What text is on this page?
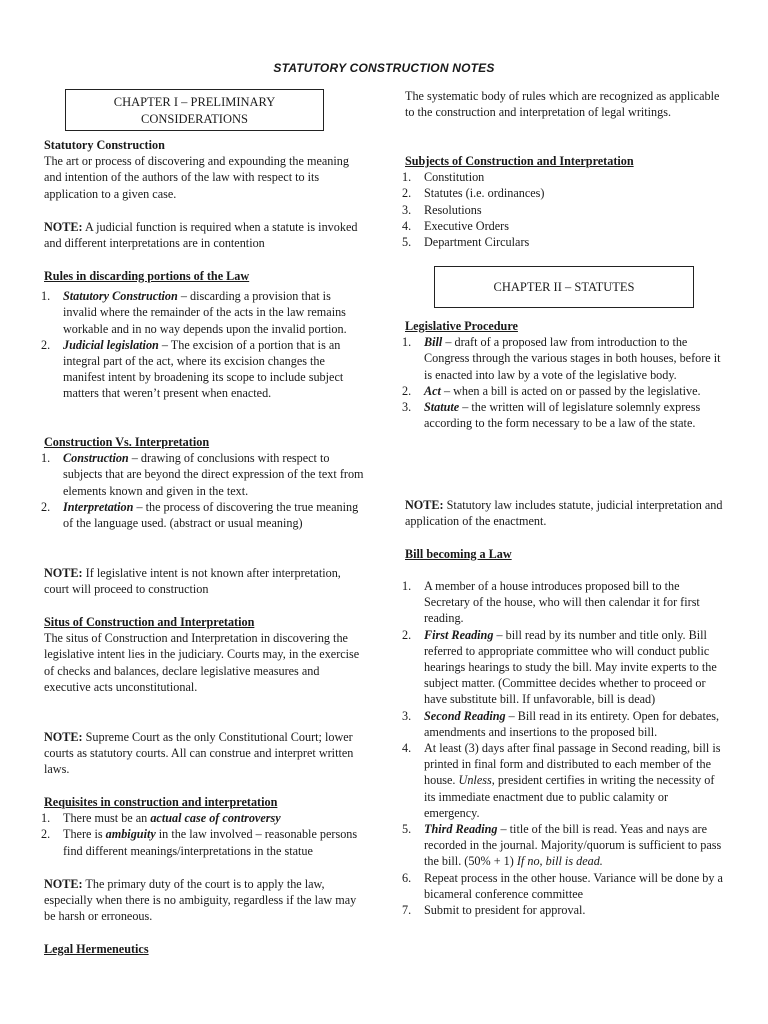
STATUTORY CONSTRUCTION NOTES
CHAPTER I – PRELIMINARY
CONSIDERATIONS
Statutory Construction
The art or process of discovering and expounding the meaning and intention of the authors of the law with respect to its application to a given case.
NOTE: A judicial function is required when a statute is invoked and different interpretations are in contention
Rules in discarding portions of the Law
1. Statutory Construction – discarding a provision that is invalid where the remainder of the acts in the law remains workable and in no way depends upon the invalid portion.
2. Judicial legislation – The excision of a portion that is an integral part of the act, where its excision changes the manifest intent by broadening its scope to include subject matters that weren’t present when enacted.
Construction Vs. Interpretation
1. Construction – drawing of conclusions with respect to subjects that are beyond the direct expression of the text from elements known and given in the text.
2. Interpretation – the process of discovering the true meaning of the language used. (abstract or usual meaning)
NOTE: If legislative intent is not known after interpretation, court will proceed to construction
Situs of Construction and Interpretation
The situs of Construction and Interpretation in discovering the legislative intent lies in the judiciary. Courts may, in the exercise of checks and balances, declare legislative measures and executive acts unconstitutional.
NOTE: Supreme Court as the only Constitutional Court; lower courts as statutory courts. All can construe and interpret written laws.
Requisites in construction and interpretation
1. There must be an actual case of controversy
2. There is ambiguity in the law involved – reasonable persons find different meanings/interpretations in the statue
NOTE: The primary duty of the court is to apply the law, especially when there is no ambiguity, regardless if the law may be harsh or erroneous.
Legal Hermeneutics
The systematic body of rules which are recognized as applicable to the construction and interpretation of legal writings.
Subjects of Construction and Interpretation
1. Constitution
2. Statutes (i.e. ordinances)
3. Resolutions
4. Executive Orders
5. Department Circulars
CHAPTER II – STATUTES
Legislative Procedure
1. Bill – draft of a proposed law from introduction to the Congress through the various stages in both houses, before it is enacted into law by a vote of the legislative body.
2. Act – when a bill is acted on or passed by the legislative.
3. Statute – the written will of legislature solemnly express according to the form necessary to be a law of the state.
NOTE: Statutory law includes statute, judicial interpretation and application of the enactment.
Bill becoming a Law
1. A member of a house introduces proposed bill to the Secretary of the house, who will then calendar it for first reading.
2. First Reading – bill read by its number and title only. Bill referred to appropriate committee who will conduct public hearings hearings to study the bill. May invite experts to the subject matter. (Committee decides whether to proceed or have substitute bill. If unfavorable, bill is dead)
3. Second Reading – Bill read in its entirety. Open for debates, amendments and insertions to the proposed bill.
4. At least (3) days after final passage in Second reading, bill is printed in final form and distributed to each member of the house. Unless, president certifies in writing the necessity of its immediate enactment due to public calamity or emergency.
5. Third Reading – title of the bill is read. Yeas and nays are recorded in the journal. Majority/quorum is sufficient to pass the bill. (50% + 1) If no, bill is dead.
6. Repeat process in the other house. Variance will be done by a bicameral conference committee
7. Submit to president for approval.
